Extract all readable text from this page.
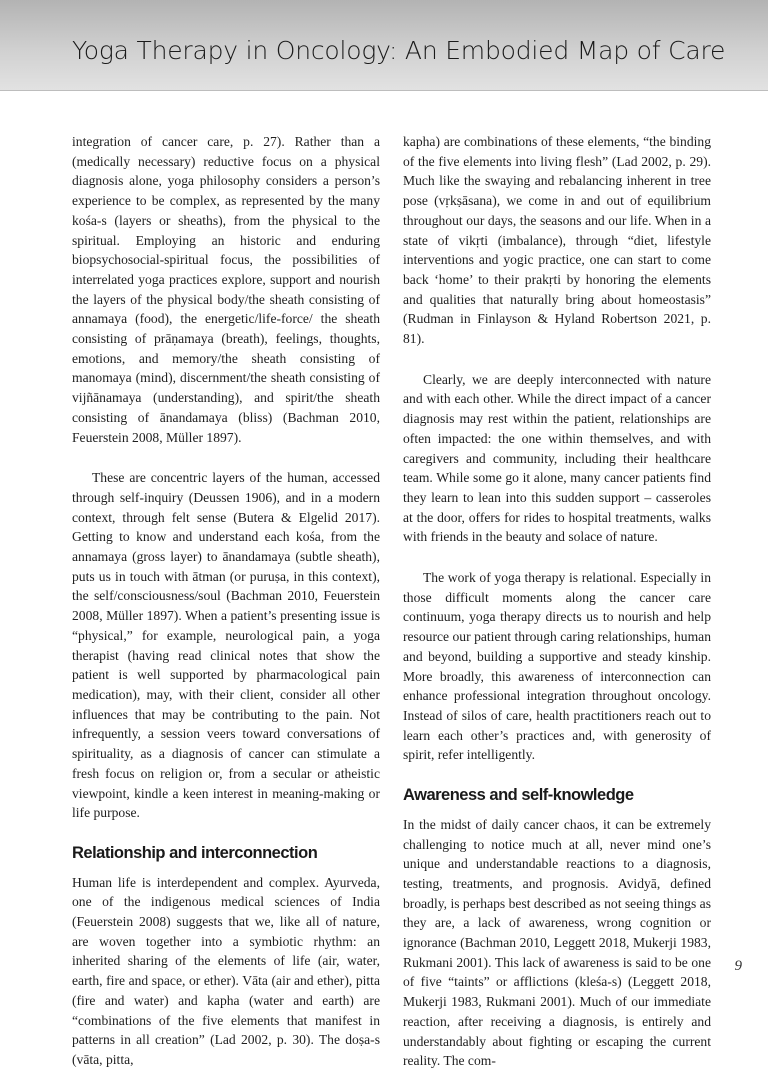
Yoga Therapy in Oncology: An Embodied Map of Care

integration of cancer care, p. 27). Rather than a (medically necessary) reductive focus on a physical diagnosis alone, yoga philosophy considers a person’s experience to be complex, as represented by the many kośa-s (layers or sheaths), from the physical to the spiritual. Employing an historic and enduring biopsychosocial-spiritual focus, the possibilities of interrelated yoga practices explore, support and nourish the layers of the physical body/the sheath consisting of annamaya (food), the energetic/life-force/ the sheath consisting of prāṇamaya (breath), feelings, thoughts, emotions, and memory/the sheath consisting of manomaya (mind), discernment/the sheath consisting of vijñānamaya (understanding), and spirit/the sheath consisting of ānandamaya (bliss) (Bachman 2010, Feuerstein 2008, Müller 1897).

These are concentric layers of the human, accessed through self-inquiry (Deussen 1906), and in a modern context, through felt sense (Butera & Elgelid 2017). Getting to know and understand each kośa, from the annamaya (gross layer) to ānandamaya (subtle sheath), puts us in touch with ātman (or puruṣa, in this context), the self/consciousness/soul (Bachman 2010, Feuerstein 2008, Müller 1897). When a patient’s presenting issue is “physical,” for example, neurological pain, a yoga therapist (having read clinical notes that show the patient is well supported by pharmacological pain medication), may, with their client, consider all other influences that may be contributing to the pain. Not infrequently, a session veers toward conversations of spirituality, as a diagnosis of cancer can stimulate a fresh focus on religion or, from a secular or atheistic viewpoint, kindle a keen interest in meaning-making or life purpose.

Relationship and interconnection

Human life is interdependent and complex. Ayurveda, one of the indigenous medical sciences of India (Feuerstein 2008) suggests that we, like all of nature, are woven together into a symbiotic rhythm: an inherited sharing of the elements of life (air, water, earth, fire and space, or ether). Vāta (air and ether), pitta (fire and water) and kapha (water and earth) are “combinations of the five elements that manifest in patterns in all creation” (Lad 2002, p. 30). The doṣa-s (vāta, pitta,

kapha) are combinations of these elements, “the binding of the five elements into living flesh” (Lad 2002, p. 29). Much like the swaying and rebalancing inherent in tree pose (vṛkṣāsana), we come in and out of equilibrium throughout our days, the seasons and our life. When in a state of vikṛti (imbalance), through “diet, lifestyle interventions and yogic practice, one can start to come back ‘home’ to their prakṛti by honoring the elements and qualities that naturally bring about homeostasis” (Rudman in Finlayson & Hyland Robertson 2021, p. 81).

Clearly, we are deeply interconnected with nature and with each other. While the direct impact of a cancer diagnosis may rest within the patient, relationships are often impacted: the one within themselves, and with caregivers and community, including their healthcare team. While some go it alone, many cancer patients find they learn to lean into this sudden support – casseroles at the door, offers for rides to hospital treatments, walks with friends in the beauty and solace of nature.

The work of yoga therapy is relational. Especially in those difficult moments along the cancer care continuum, yoga therapy directs us to nourish and help resource our patient through caring relationships, human and beyond, building a supportive and steady kinship. More broadly, this awareness of interconnection can enhance professional integration throughout oncology. Instead of silos of care, health practitioners reach out to learn each other’s practices and, with generosity of spirit, refer intelligently.

Awareness and self-knowledge

In the midst of daily cancer chaos, it can be extremely challenging to notice much at all, never mind one’s unique and understandable reactions to a diagnosis, testing, treatments, and prognosis. Avidyā, defined broadly, is perhaps best described as not seeing things as they are, a lack of awareness, wrong cognition or ignorance (Bachman 2010, Leggett 2018, Mukerji 1983, Rukmani 2001). This lack of awareness is said to be one of five “taints” or afflictions (kleśa-s) (Leggett 2018, Mukerji 1983, Rukmani 2001). Much of our immediate reaction, after receiving a diagnosis, is entirely and understandably about fighting or escaping the current reality. The com-

9
